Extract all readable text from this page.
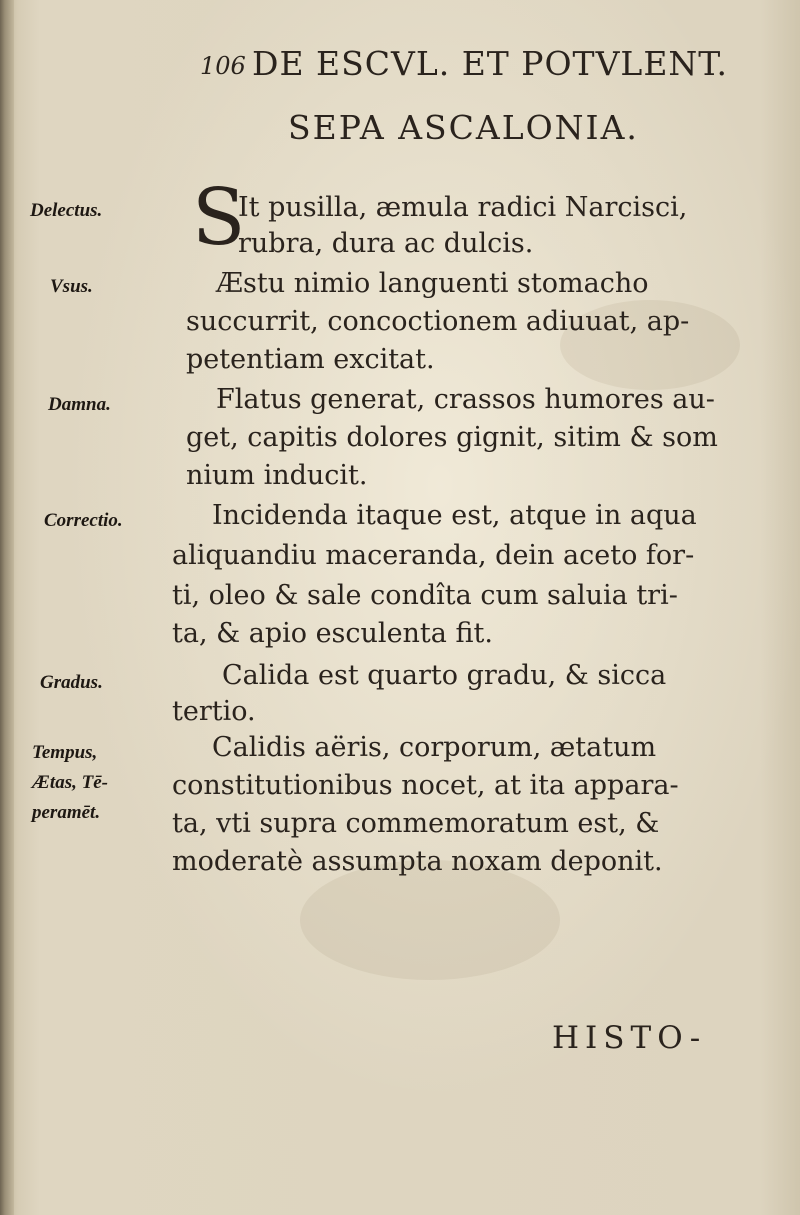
106 DE ESCVL. ET POTVLENT.
SEPA ASCALONIA.
Delectus.
Vsus.
Damna.
Correctio.
Gradus.
Tempus,
Ætas, Tē-
peramēt.
S
It pusilla, æmula radici Narcisci,
rubra, dura ac dulcis.
Æstu nimio languenti stomacho
succurrit, concoctionem adiuuat, ap-
petentiam excitat.
Flatus generat, crassos humores au-
get, capitis dolores gignit, sitim & som
nium inducit.
Incidenda itaque est, atque in aqua
aliquandiu maceranda, dein aceto for-
ti, oleo & sale condîta cum saluia tri-
ta, & apio esculenta fit.
Calida est quarto gradu, & sicca
tertio.
Calidis aëris, corporum, ætatum
constitutionibus nocet, at ita appara-
ta, vti supra commemoratum est, &
moderatè assumpta noxam deponit.
HISTO-
